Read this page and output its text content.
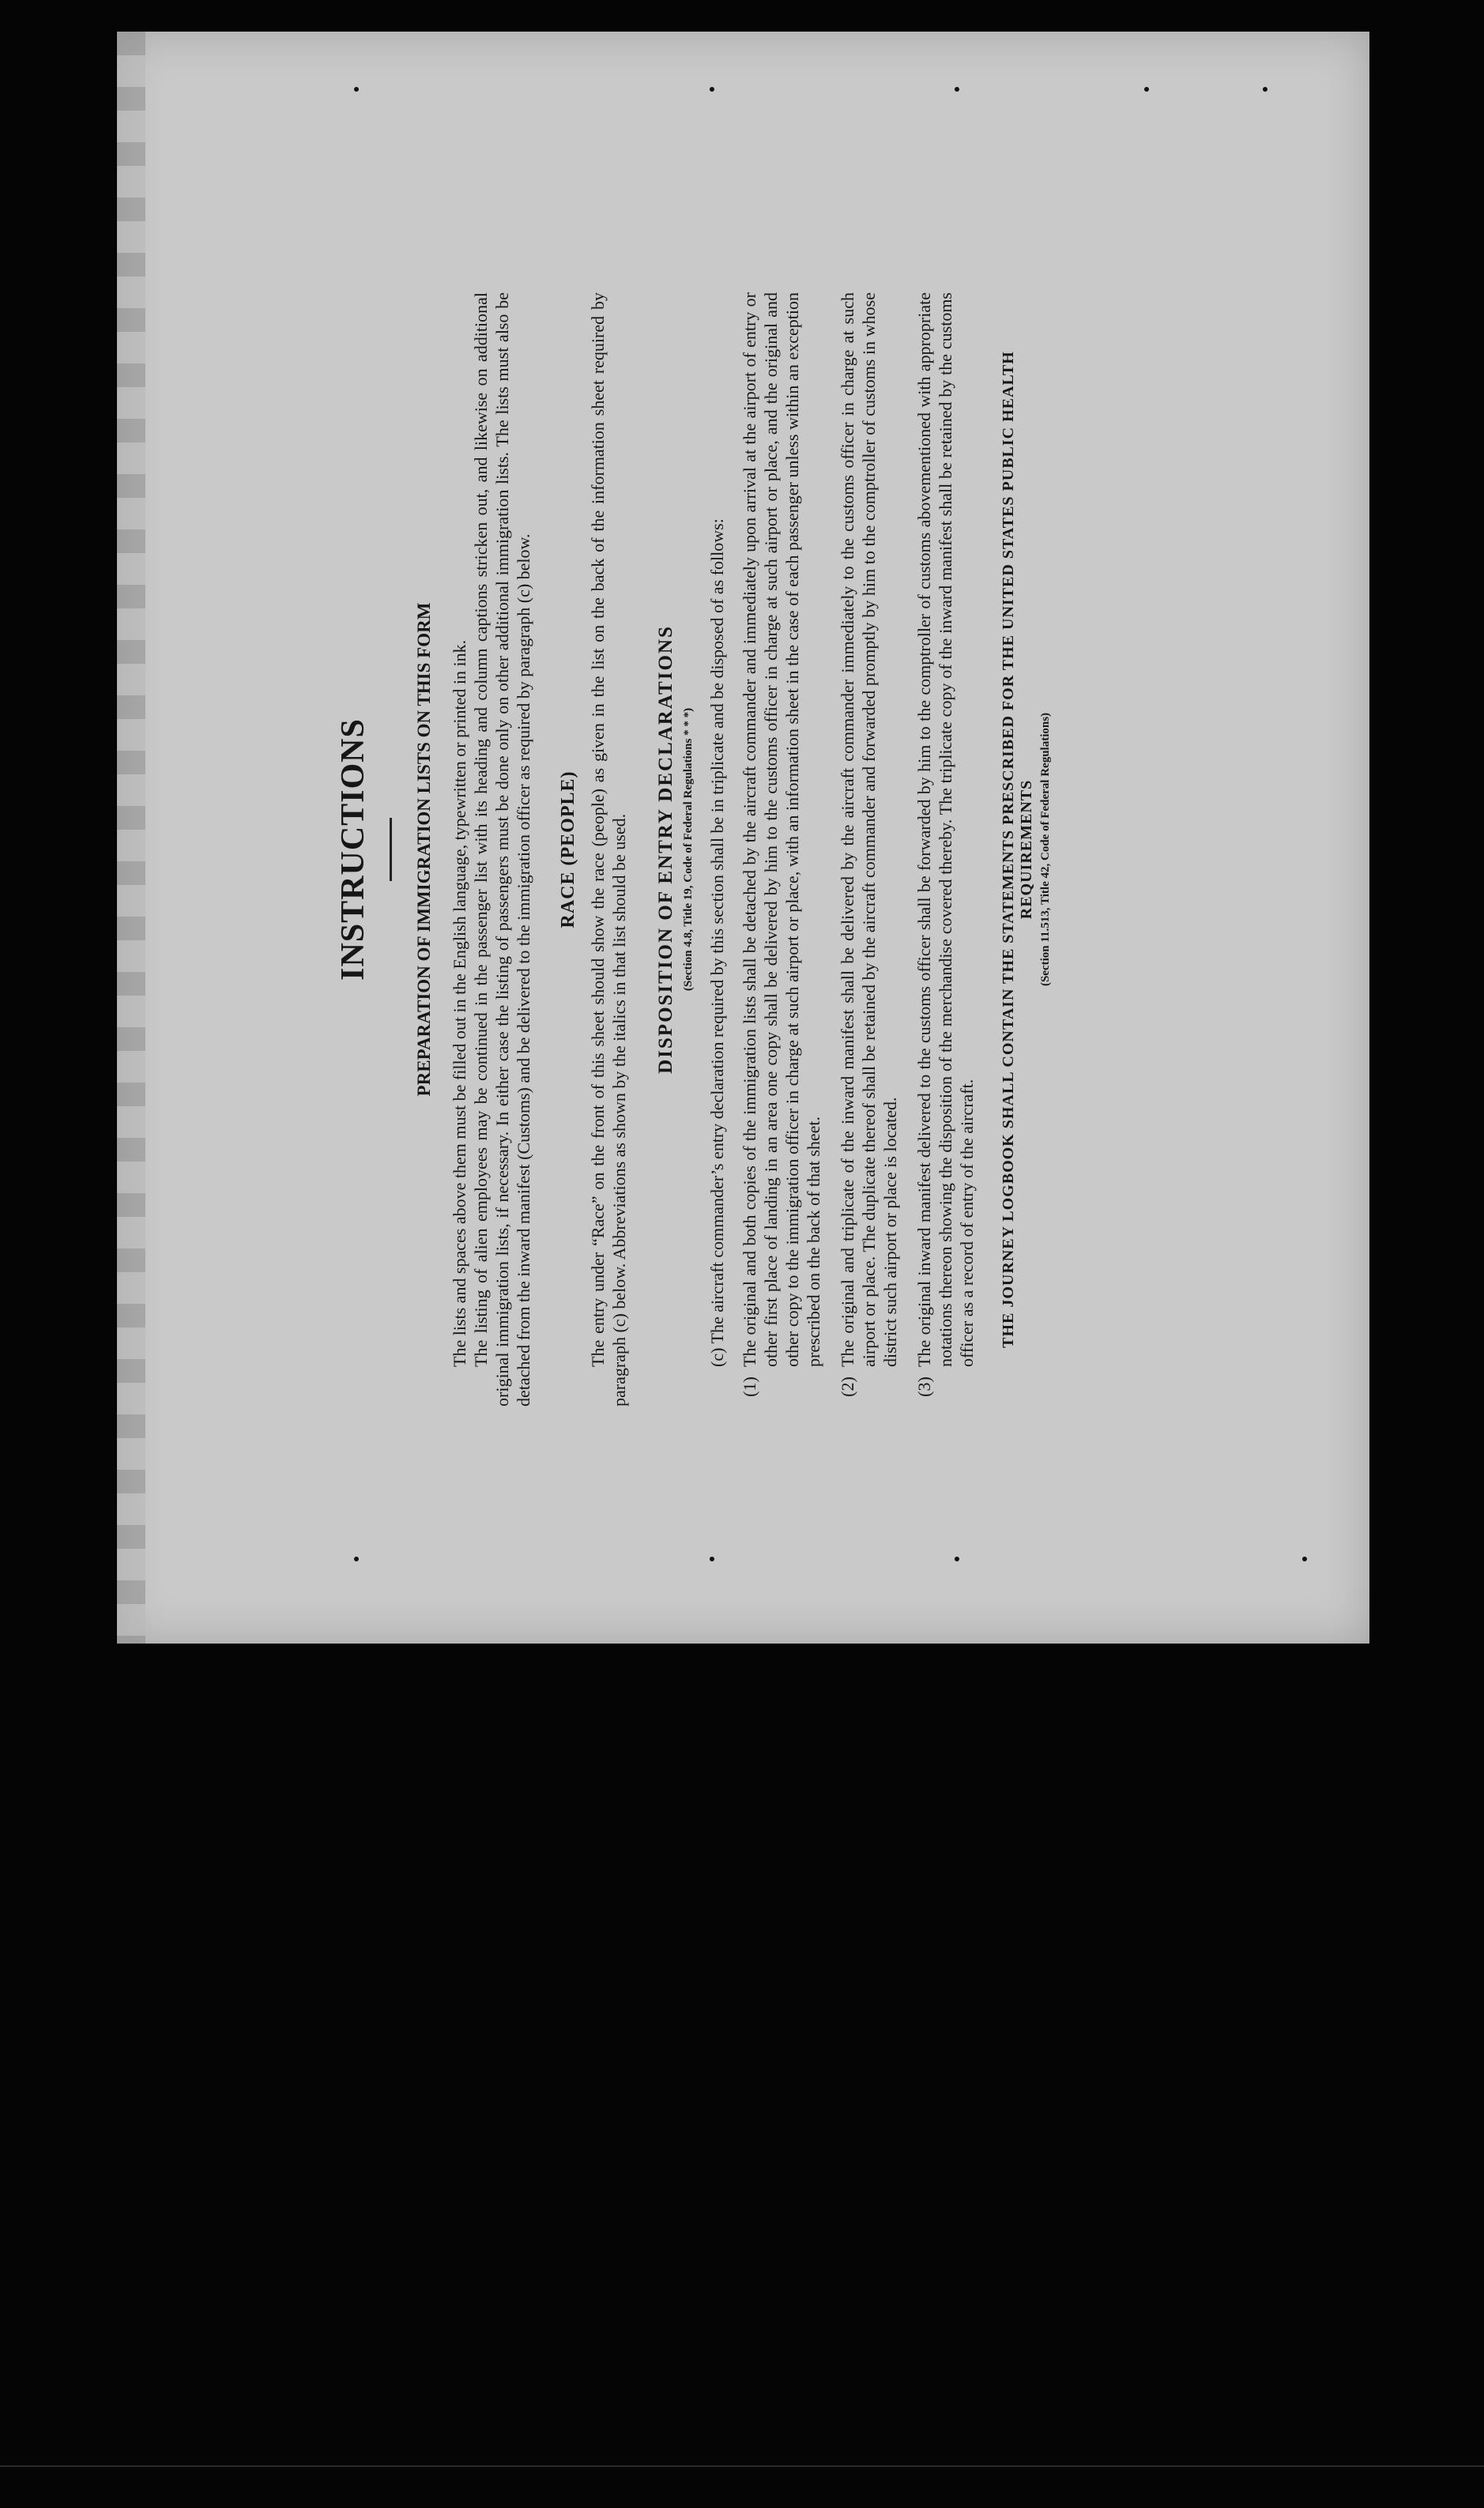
INSTRUCTIONS PREPARATION OF IMMIGRATION LISTS ON THIS FORM The lists and spaces above them must be filled out in the English language, typewritten or printed in ink. The listing of alien employees may be continued in the passenger list with its heading and column captions stricken out, and likewise on additional original immigration lists, if necessary. In either case the listing of passengers must be done only on other additional immigration lists. The lists must also be detached from the inward manifest (Customs) and be delivered to the immigration officer as required by paragraph (c) below. RACE (PEOPLE) The entry under “Race” on the front of this sheet should show the race (people) as given in the list on the back of the information sheet required by paragraph (c) below. Abbreviations as shown by the italics in that list should be used. DISPOSITION OF ENTRY DECLARATIONS (Section 4.8, Title 19, Code of Federal Regulations * * *) (c) The aircraft commander’s entry declaration required by this section shall be in triplicate and be disposed of as follows:

(1)
The original and both copies of the immigration lists shall be detached by the aircraft commander and immediately upon arrival at the airport of entry or other first place of landing in an area one copy shall be delivered by him to the customs officer in charge at such airport or place, and the original and other copy to the immigration officer in charge at such airport or place, with an information sheet in the case of each passenger unless within an exception prescribed on the back of that sheet.
(2)
The original and triplicate of the inward manifest shall be delivered by the aircraft commander immediately to the customs officer in charge at such airport or place. The duplicate thereof shall be retained by the aircraft commander and forwarded promptly by him to the comptroller of customs in whose district such airport or place is located.
(3)
The original inward manifest delivered to the customs officer shall be forwarded by him to the comptroller of customs abovementioned with appropriate notations thereon showing the disposition of the merchandise covered thereby. The triplicate copy of the inward manifest shall be retained by the customs officer as a record of entry of the aircraft. THE JOURNEY LOGBOOK SHALL CONTAIN THE STATEMENTS PRESCRIBED FOR THE UNITED STATES PUBLIC HEALTH REQUIREMENTS (Section 11.513, Title 42, Code of Federal Regulations)
